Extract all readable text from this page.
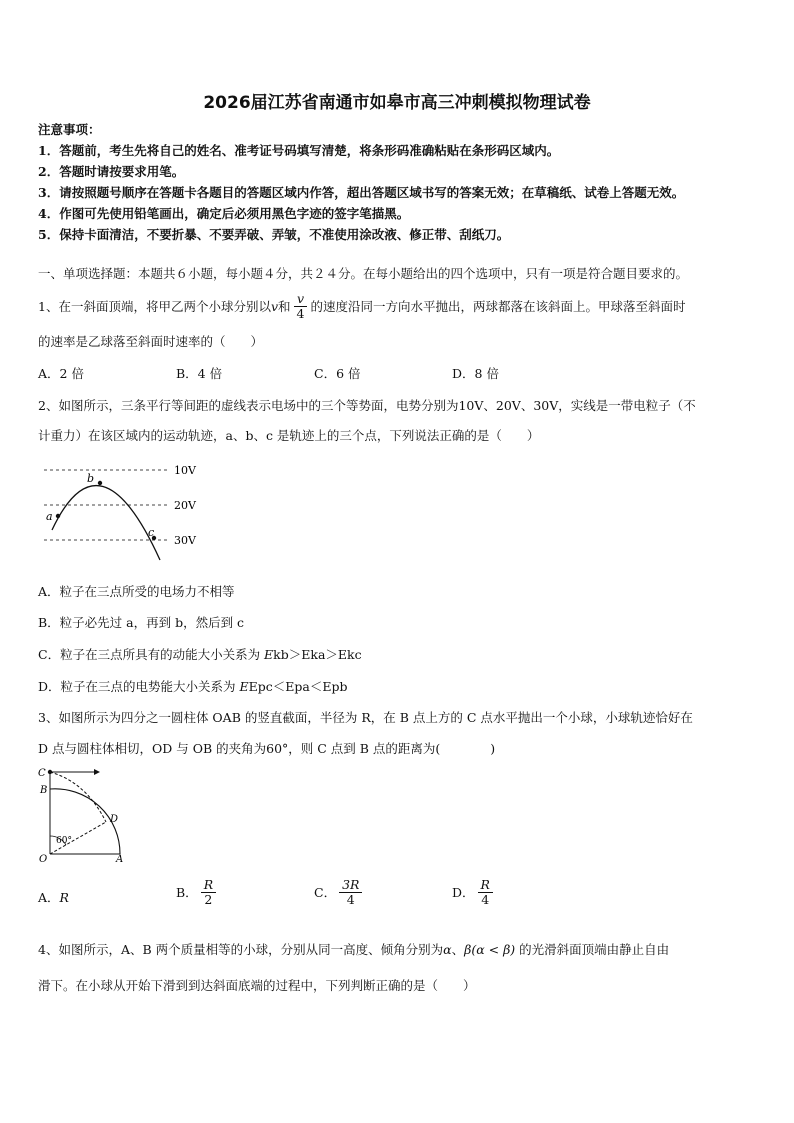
2026届江苏省南通市如皋市高三冲刺模拟物理试卷
注意事项：
1．答题前，考生先将自己的姓名、准考证号码填写清楚，将条形码准确粘贴在条形码区域内。
2．答题时请按要求用笔。
3．请按照题号顺序在答题卡各题目的答题区域内作答，超出答题区域书写的答案无效；在草稿纸、试卷上答题无效。
4．作图可先使用铅笔画出，确定后必须用黑色字迹的签字笔描黑。
5．保持卡面清洁，不要折暴、不要弄破、弄皱，不准使用涂改液、修正带、刮纸刀。
一、单项选择题：本题共６小题，每小题４分，共２４分。在每小题给出的四个选项中，只有一项是符合题目要求的。
1、在一斜面顶端，将甲乙两个小球分别以 v 和 $\frac{v}{4}$ 的速度沿同一方向水平抛出，两球都落在该斜面上。甲球落至斜面时
的速率是乙球落至斜面时速率的（　　）
A．2 倍	B．4 倍	C．6 倍	D．8 倍
2、如图所示，三条平行等间距的虚线表示电场中的三个等势面，电势分别为10V、20V、30V，实线是一带电粒子（不
计重力）在该区域内的运动轨迹，a、b、c 是轨迹上的三个点，下列说法正确的是（　　）
10V
20V
30V
a
b
c
A．粒子在三点所受的电场力不相等
B．粒子必先过 a，再到 b，然后到 c
C．粒子在三点所具有的动能大小关系为 Ekb＞Eka＞Ekc
D．粒子在三点的电势能大小关系为 EEpc＜Epa＜Epb
3、如图所示为四分之一圆柱体 OAB 的竖直截面，半径为 R，在 B 点上方的 C 点水平抛出一个小球，小球轨迹恰好在
D 点与圆柱体相切，OD 与 OB 的夹角为60°，则 C 点到 B 点的距离为(　　　　)
C
B
D
O	A
60°
A． R	B． $\frac{R}{2}$	C． $\frac{3R}{4}$	D． $\frac{R}{4}$
4、如图所示，A、B 两个质量相等的小球，分别从同一高度、倾角分别为α、β(α < β) 的光滑斜面顶端由静止自由
滑下。在小球从开始下滑到到达斜面底端的过程中，下列判断正确的是（　　）
